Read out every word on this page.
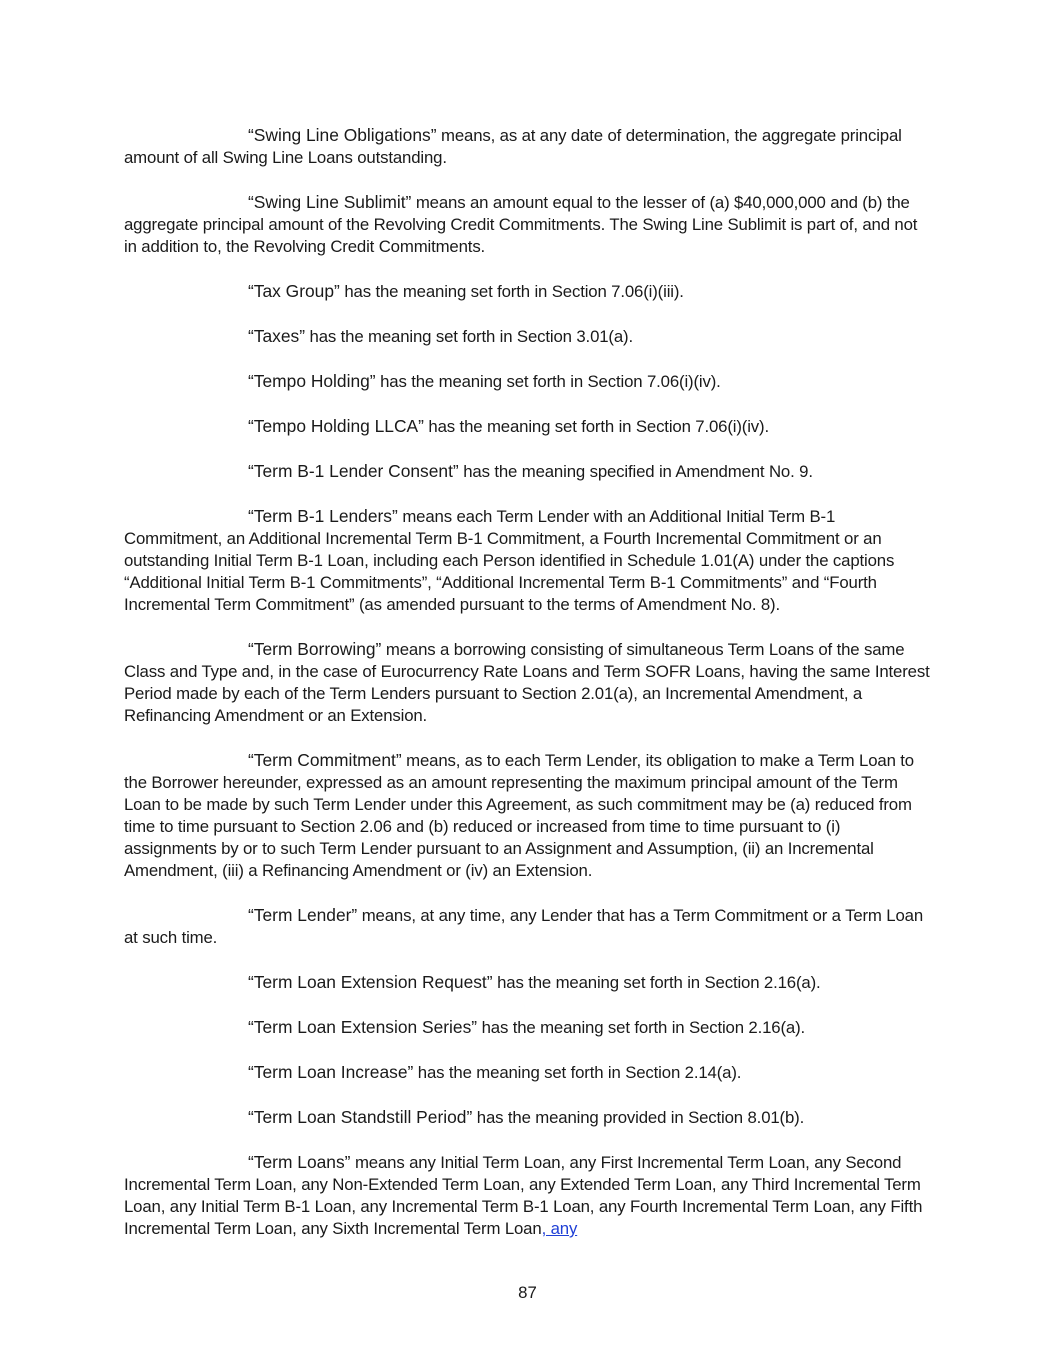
“Swing Line Obligations” means, as at any date of determination, the aggregate principal amount of all Swing Line Loans outstanding.

“Swing Line Sublimit” means an amount equal to the lesser of (a) $40,000,000 and (b) the aggregate principal amount of the Revolving Credit Commitments. The Swing Line Sublimit is part of, and not in addition to, the Revolving Credit Commitments.

“Tax Group” has the meaning set forth in Section 7.06(i)(iii).

“Taxes” has the meaning set forth in Section 3.01(a).

“Tempo Holding” has the meaning set forth in Section 7.06(i)(iv).

“Tempo Holding LLCA” has the meaning set forth in Section 7.06(i)(iv).

“Term B-1 Lender Consent” has the meaning specified in Amendment No. 9.

“Term B-1 Lenders” means each Term Lender with an Additional Initial Term B-1 Commitment, an Additional Incremental Term B-1 Commitment, a Fourth Incremental Commitment or an outstanding Initial Term B-1 Loan, including each Person identified in Schedule 1.01(A) under the captions “Additional Initial Term B-1 Commitments”, “Additional Incremental Term B-1 Commitments” and “Fourth Incremental Term Commitment” (as amended pursuant to the terms of Amendment No. 8).

“Term Borrowing” means a borrowing consisting of simultaneous Term Loans of the same Class and Type and, in the case of Eurocurrency Rate Loans and Term SOFR Loans, having the same Interest Period made by each of the Term Lenders pursuant to Section 2.01(a), an Incremental Amendment, a Refinancing Amendment or an Extension.

“Term Commitment” means, as to each Term Lender, its obligation to make a Term Loan to the Borrower hereunder, expressed as an amount representing the maximum principal amount of the Term Loan to be made by such Term Lender under this Agreement, as such commitment may be (a) reduced from time to time pursuant to Section 2.06 and (b) reduced or increased from time to time pursuant to (i) assignments by or to such Term Lender pursuant to an Assignment and Assumption, (ii) an Incremental Amendment, (iii) a Refinancing Amendment or (iv) an Extension.

“Term Lender” means, at any time, any Lender that has a Term Commitment or a Term Loan at such time.

“Term Loan Extension Request” has the meaning set forth in Section 2.16(a).

“Term Loan Extension Series” has the meaning set forth in Section 2.16(a).

“Term Loan Increase” has the meaning set forth in Section 2.14(a).

“Term Loan Standstill Period” has the meaning provided in Section 8.01(b).

“Term Loans” means any Initial Term Loan, any First Incremental Term Loan, any Second Incremental Term Loan, any Non-Extended Term Loan, any Extended Term Loan, any Third Incremental Term Loan, any Initial Term B-1 Loan, any Incremental Term B-1 Loan, any Fourth Incremental Term Loan, any Fifth Incremental Term Loan, any Sixth Incremental Term Loan, any

87
